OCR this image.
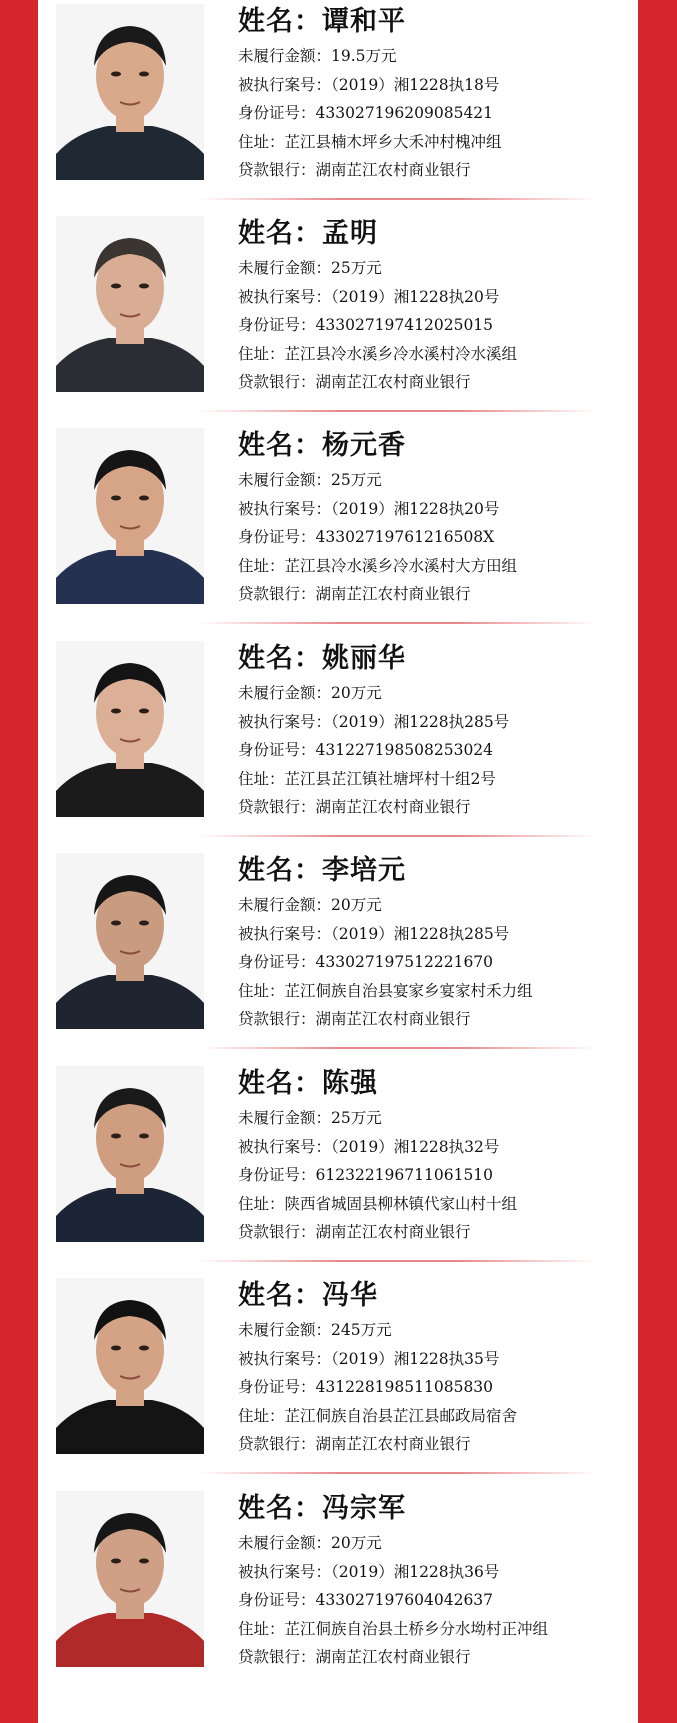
姓名：谭和平
未履行金额：19.5万元
被执行案号：（2019）湘1228执18号
身份证号：433027196209085421
住址：芷江县楠木坪乡大禾冲村槐冲组
贷款银行：湖南芷江农村商业银行
姓名：孟明
未履行金额：25万元
被执行案号：（2019）湘1228执20号
身份证号：433027197412025015
住址：芷江县冷水溪乡冷水溪村冷水溪组
贷款银行：湖南芷江农村商业银行
姓名：杨元香
未履行金额：25万元
被执行案号：（2019）湘1228执20号
身份证号：43302719761216508X
住址：芷江县冷水溪乡冷水溪村大方田组
贷款银行：湖南芷江农村商业银行
姓名：姚丽华
未履行金额：20万元
被执行案号：（2019）湘1228执285号
身份证号：431227198508253024
住址：芷江县芷江镇社塘坪村十组2号
贷款银行：湖南芷江农村商业银行
姓名：李培元
未履行金额：20万元
被执行案号：（2019）湘1228执285号
身份证号：433027197512221670
住址：芷江侗族自治县宴家乡宴家村禾力组
贷款银行：湖南芷江农村商业银行
姓名：陈强
未履行金额：25万元
被执行案号：（2019）湘1228执32号
身份证号：612322196711061510
住址：陕西省城固县柳林镇代家山村十组
贷款银行：湖南芷江农村商业银行
姓名：冯华
未履行金额：245万元
被执行案号：（2019）湘1228执35号
身份证号：431228198511085830
住址：芷江侗族自治县芷江县邮政局宿舍
贷款银行：湖南芷江农村商业银行
姓名：冯宗军
未履行金额：20万元
被执行案号：（2019）湘1228执36号
身份证号：433027197604042637
住址：芷江侗族自治县土桥乡分水坳村正冲组
贷款银行：湖南芷江农村商业银行
